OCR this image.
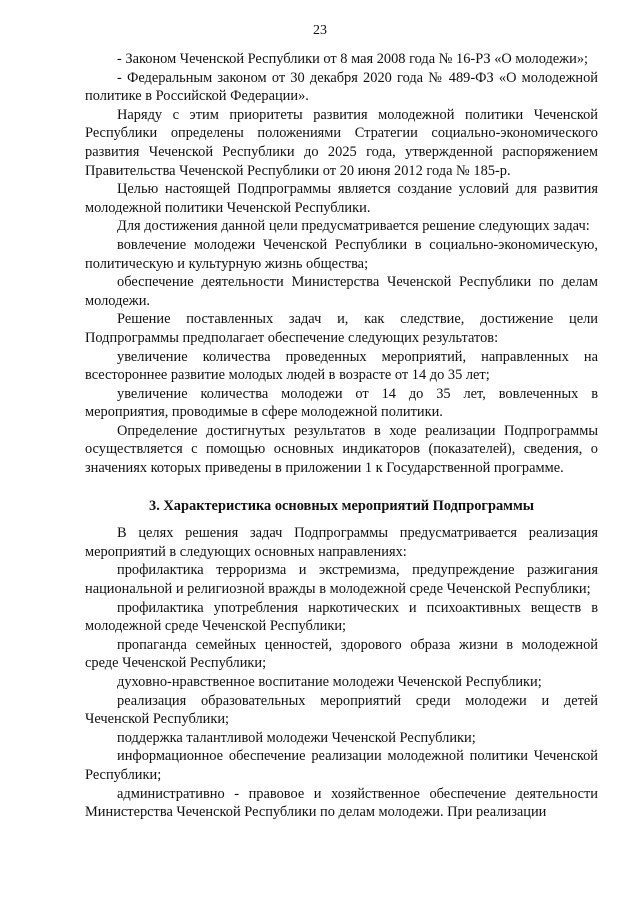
23

- Законом Чеченской Республики от 8 мая 2008 года № 16-РЗ «О молодежи»;

- Федеральным законом от 30 декабря 2020 года № 489-ФЗ «О молодежной политике в Российской Федерации».

Наряду с этим приоритеты развития молодежной политики Чеченской Республики определены положениями Стратегии социально-экономического развития Чеченской Республики до 2025 года, утвержденной распоряжением Правительства Чеченской Республики от 20 июня 2012 года № 185-р.

Целью настоящей Подпрограммы является создание условий для развития молодежной политики Чеченской Республики.

Для достижения данной цели предусматривается решение следующих задач:

вовлечение молодежи Чеченской Республики в социально-экономическую, политическую и культурную жизнь общества;

обеспечение деятельности Министерства Чеченской Республики по делам молодежи.

Решение поставленных задач и, как следствие, достижение цели Подпрограммы предполагает обеспечение следующих результатов:

увеличение количества проведенных мероприятий, направленных на всестороннее развитие молодых людей в возрасте от 14 до 35 лет;

увеличение количества молодежи от 14 до 35 лет, вовлеченных в мероприятия, проводимые в сфере молодежной политики.

Определение достигнутых результатов в ходе реализации Подпрограммы осуществляется с помощью основных индикаторов (показателей), сведения, о значениях которых приведены в приложении 1 к Государственной программе.

3. Характеристика основных мероприятий Подпрограммы

В целях решения задач Подпрограммы предусматривается реализация мероприятий в следующих основных направлениях:

профилактика терроризма и экстремизма, предупреждение разжигания национальной и религиозной вражды в молодежной среде Чеченской Республики;

профилактика употребления наркотических и психоактивных веществ в молодежной среде Чеченской Республики;

пропаганда семейных ценностей, здорового образа жизни в молодежной среде Чеченской Республики;

духовно-нравственное воспитание молодежи Чеченской Республики;

реализация образовательных мероприятий среди молодежи и детей Чеченской Республики;

поддержка талантливой молодежи Чеченской Республики;

информационное обеспечение реализации молодежной политики Чеченской Республики;

административно - правовое и хозяйственное обеспечение деятельности Министерства Чеченской Республики по делам молодежи. При реализации
